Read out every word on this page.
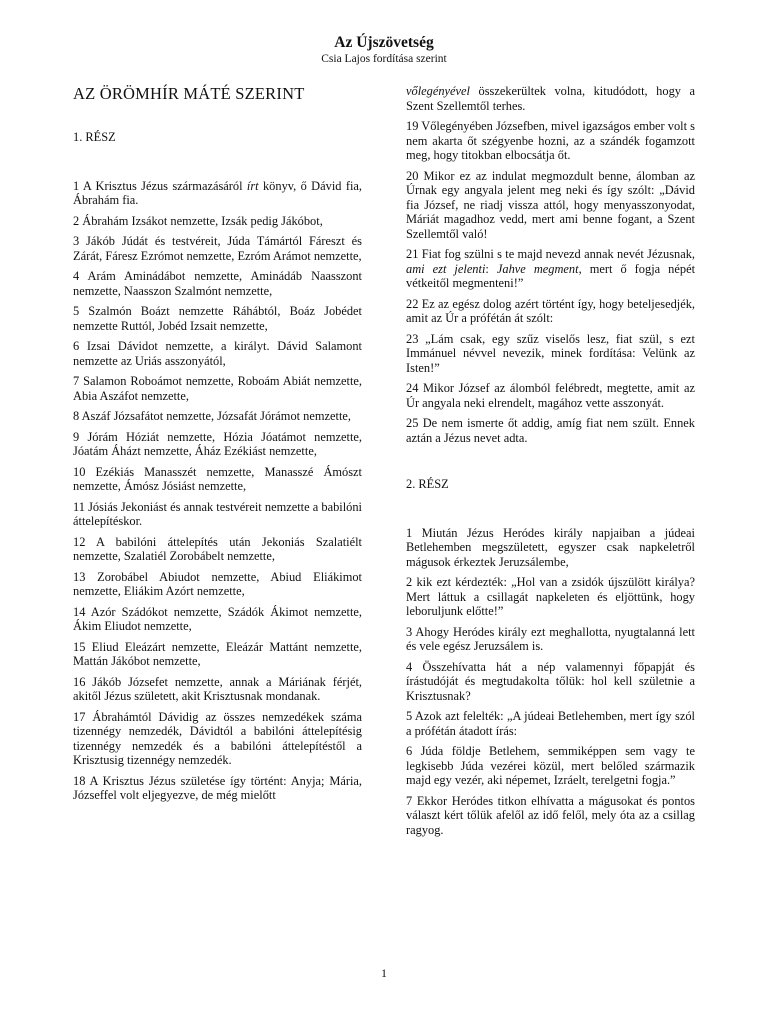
Az Újszövetség
Csia Lajos fordítása szerint
AZ ÖRÖMHÍR MÁTÉ SZERINT
1. RÉSZ
1 A Krisztus Jézus származásáról írt könyv, ő Dávid fia, Ábrahám fia.
2 Ábrahám Izsákot nemzette, Izsák pedig Jákóbot,
3 Jákób Júdát és testvéreit, Júda Támártól Fáreszt és Zárát, Fáresz Ezrómot nemzette, Ezróm Arámot nemzette,
4 Arám Aminádábot nemzette, Aminádáb Naasszont nemzette, Naasszon Szalmónt nemzette,
5 Szalmón Boázt nemzette Ráhábtól, Boáz Jobédet nemzette Ruttól, Jobéd Izsait nemzette,
6 Izsai Dávidot nemzette, a királyt. Dávid Salamont nemzette az Uriás asszonyától,
7 Salamon Roboámot nemzette, Roboám Abiát nemzette, Abia Aszáfot nemzette,
8 Aszáf Józsafátot nemzette, Józsafát Jórámot nemzette,
9 Jórám Hóziát nemzette, Hózia Jóatámot nemzette, Jóatám Áházt nemzette, Áház Ezékiást nemzette,
10 Ezékiás Manasszét nemzette, Manasszé Ámószt nemzette, Ámósz Jósiást nemzette,
11 Jósiás Jekoniást és annak testvéreit nemzette a babilóni áttelepítéskor.
12 A babilóni áttelepítés után Jekoniás Szalatiélt nemzette, Szalatiél Zorobábelt nemzette,
13 Zorobábel Abiudot nemzette, Abiud Eliákimot nemzette, Eliákim Azórt nemzette,
14 Azór Szádókot nemzette, Szádók Ákimot nemzette, Ákim Eliudot nemzette,
15 Eliud Eleázárt nemzette, Eleázár Mattánt nemzette, Mattán Jákóbot nemzette,
16 Jákób Józsefet nemzette, annak a Máriának férjét, akitől Jézus született, akit Krisztusnak mondanak.
17 Ábrahámtól Dávidig az összes nemzedékek száma tizennégy nemzedék, Dávidtól a babilóni áttelepítésig tizennégy nemzedék és a babilóni áttelepítéstől a Krisztusig tizennégy nemzedék.
18 A Krisztus Jézus születése így történt: Anyja; Mária, Józseffel volt eljegyezve, de még mielőtt
vőlegényével összekerültek volna, kitudódott, hogy a Szent Szellemtől terhes.
19 Vőlegényében Józsefben, mivel igazságos ember volt s nem akarta őt szégyenbe hozni, az a szándék fogamzott meg, hogy titokban elbocsátja őt.
20 Mikor ez az indulat megmozdult benne, álomban az Úrnak egy angyala jelent meg neki és így szólt: „Dávid fia József, ne riadj vissza attól, hogy menyasszonyodat, Máriát magadhoz vedd, mert ami benne fogant, a Szent Szellemtől való!
21 Fiat fog szülni s te majd nevezd annak nevét Jézusnak, ami ezt jelenti: Jahve megment, mert ő fogja népét vétkeitől megmenteni!”
22 Ez az egész dolog azért történt így, hogy beteljesedjék, amit az Úr a prófétán át szólt:
23 „Lám csak, egy szűz viselős lesz, fiat szül, s ezt Immánuel névvel nevezik, minek fordítása: Velünk az Isten!”
24 Mikor József az álomból felébredt, megtette, amit az Úr angyala neki elrendelt, magához vette asszonyát.
25 De nem ismerte őt addig, amíg fiat nem szült. Ennek aztán a Jézus nevet adta.
2. RÉSZ
1 Miután Jézus Heródes király napjaiban a júdeai Betlehemben megszületett, egyszer csak napkeletről mágusok érkeztek Jeruzsálembe,
2 kik ezt kérdezték: „Hol van a zsidók újszülött királya? Mert láttuk a csillagát napkeleten és eljöttünk, hogy leboruljunk előtte!”
3 Ahogy Heródes király ezt meghallotta, nyugtalanná lett és vele egész Jeruzsálem is.
4 Összehívatta hát a nép valamennyi főpapját és írástudóját és megtudakolta tőlük: hol kell születnie a Krisztusnak?
5 Azok azt felelték: „A júdeai Betlehemben, mert így szól a prófétán átadott írás:
6 Júda földje Betlehem, semmiképpen sem vagy te legkisebb Júda vezérei közül, mert belőled származik majd egy vezér, aki népemet, Izráelt, terelgetni fogja.”
7 Ekkor Heródes titkon elhívatta a mágusokat és pontos választ kért tőlük afelől az idő felől, mely óta az a csillag ragyog.
1
